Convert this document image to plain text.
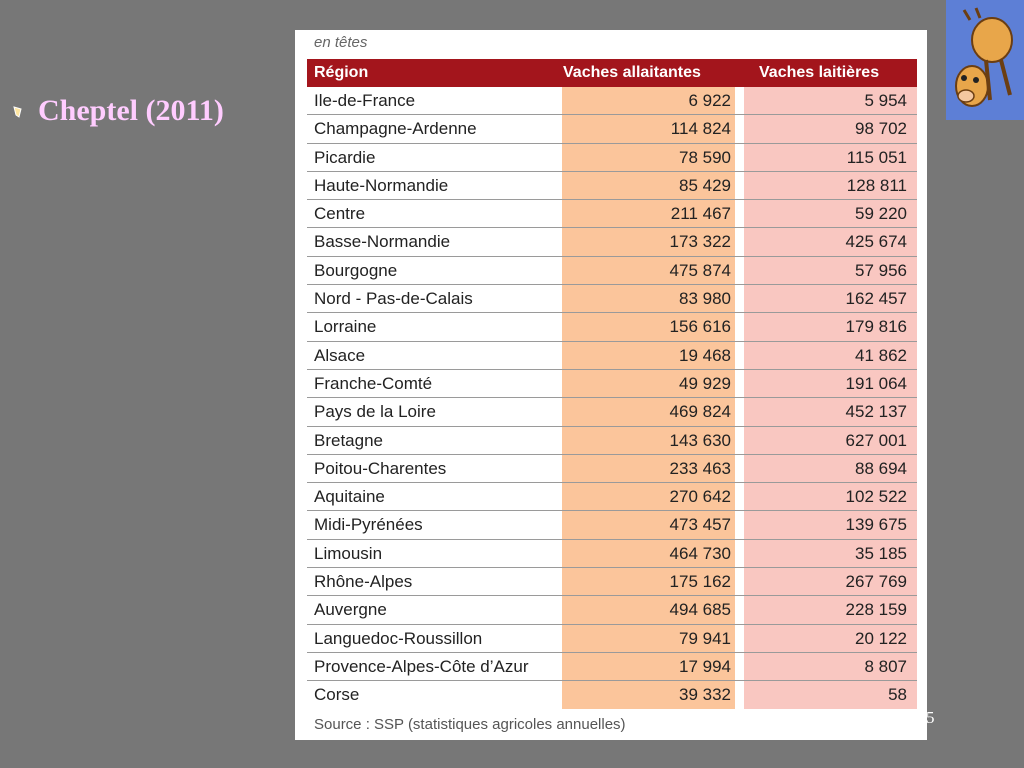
Cheptel (2011)
en têtes
Région	Vaches allaitantes	Vaches laitières
Ile-de-France	6 922	5 954
Champagne-Ardenne	114 824	98 702
Picardie	78 590	115 051
Haute-Normandie	85 429	128 811
Centre	211 467	59 220
Basse-Normandie	173 322	425 674
Bourgogne	475 874	57 956
Nord - Pas-de-Calais	83 980	162 457
Lorraine	156 616	179 816
Alsace	19 468	41 862
Franche-Comté	49 929	191 064
Pays de la Loire	469 824	452 137
Bretagne	143 630	627 001
Poitou-Charentes	233 463	88 694
Aquitaine	270 642	102 522
Midi-Pyrénées	473 457	139 675
Limousin	464 730	35 185
Rhône-Alpes	175 162	267 769
Auvergne	494 685	228 159
Languedoc-Roussillon	79 941	20 122
Provence-Alpes-Côte d’Azur	17 994	8 807
Corse	39 332	58
Source : SSP (statistiques agricoles annuelles)	5
